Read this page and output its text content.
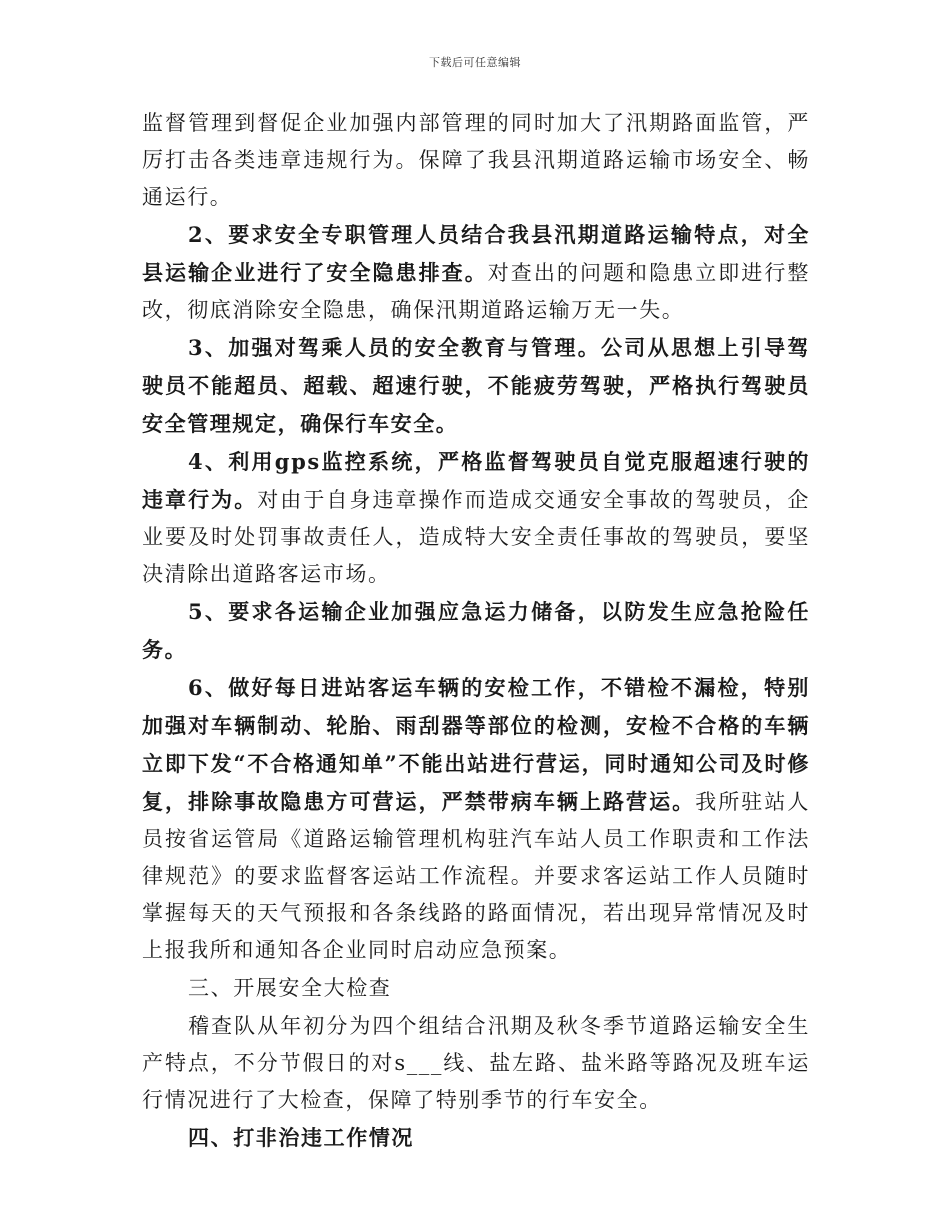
下载后可任意编辑

监督管理到督促企业加强内部管理的同时加大了汛期路面监管，严厉打击各类违章违规行为。保障了我县汛期道路运输市场安全、畅通运行。

2、要求安全专职管理人员结合我县汛期道路运输特点，对全县运输企业进行了安全隐患排查。对查出的问题和隐患立即进行整改，彻底消除安全隐患，确保汛期道路运输万无一失。

3、加强对驾乘人员的安全教育与管理。公司从思想上引导驾驶员不能超员、超载、超速行驶，不能疲劳驾驶，严格执行驾驶员安全管理规定，确保行车安全。

4、利用gps监控系统，严格监督驾驶员自觉克服超速行驶的违章行为。对由于自身违章操作而造成交通安全事故的驾驶员，企业要及时处罚事故责任人，造成特大安全责任事故的驾驶员，要坚决清除出道路客运市场。

5、要求各运输企业加强应急运力储备，以防发生应急抢险任务。

6、做好每日进站客运车辆的安检工作，不错检不漏检，特别加强对车辆制动、轮胎、雨刮器等部位的检测，安检不合格的车辆立即下发“不合格通知单”不能出站进行营运，同时通知公司及时修复，排除事故隐患方可营运，严禁带病车辆上路营运。我所驻站人员按省运管局《道路运输管理机构驻汽车站人员工作职责和工作法律规范》的要求监督客运站工作流程。并要求客运站工作人员随时掌握每天的天气预报和各条线路的路面情况，若出现异常情况及时上报我所和通知各企业同时启动应急预案。

三、开展安全大检查

稽查队从年初分为四个组结合汛期及秋冬季节道路运输安全生产特点，不分节假日的对s___线、盐左路、盐米路等路况及班车运行情况进行了大检查，保障了特别季节的行车安全。

四、打非治违工作情况
